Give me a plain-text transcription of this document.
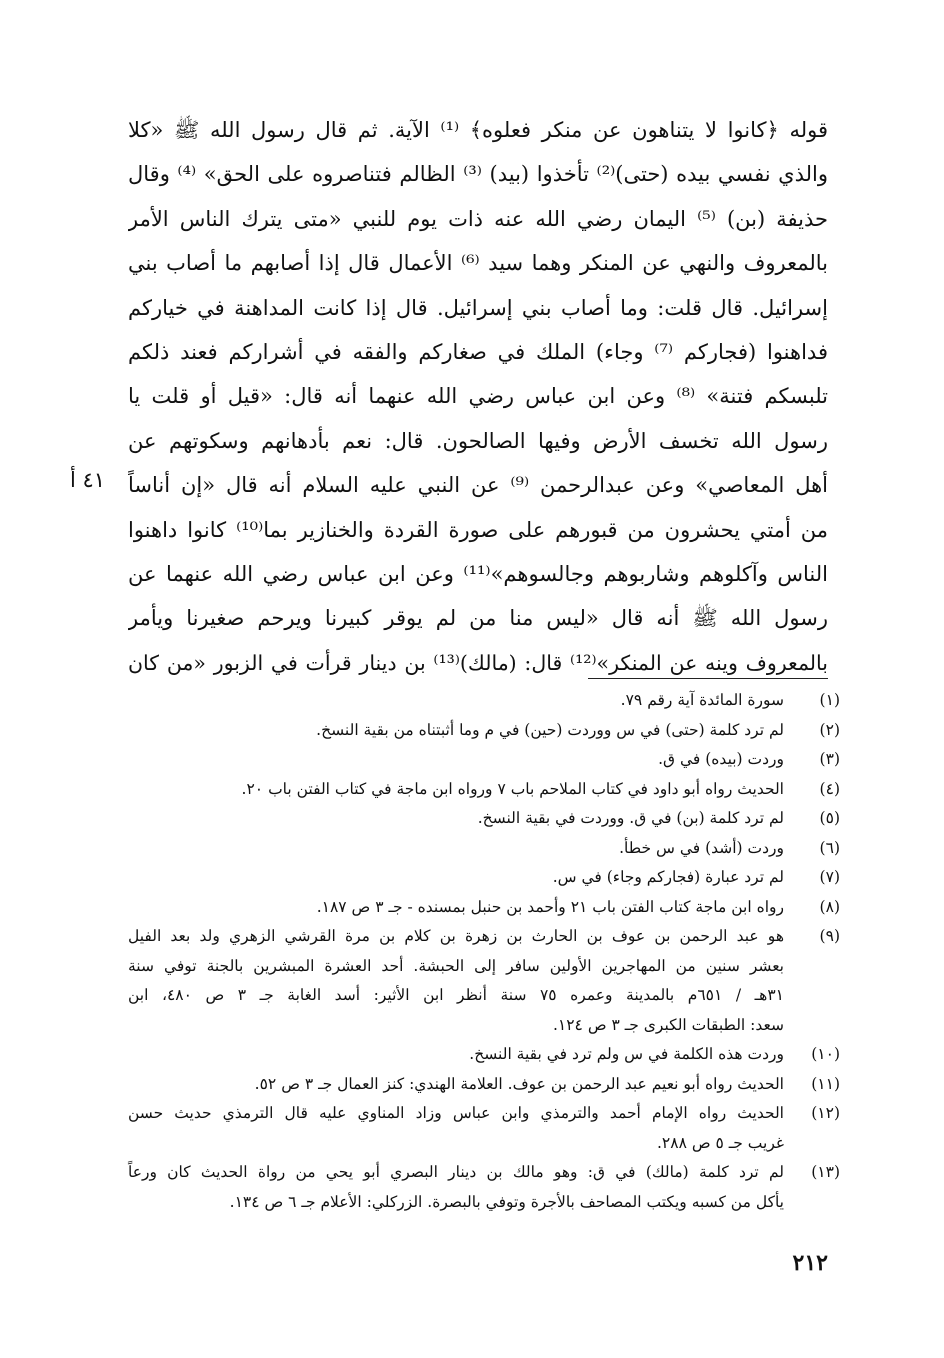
قوله ﴿كانوا لا يتناهون عن منكر فعلوه﴾ ⁽¹⁾ الآية. ثم قال رسول الله ﷺ «كلا
والذي نفسي بيده (حتى)⁽²⁾ تأخذوا (بيد) ⁽³⁾ الظالم فتناصروه على الحق» ⁽⁴⁾ وقال
حذيفة (بن) ⁽⁵⁾ اليمان رضي الله عنه ذات يوم للنبي «متى يترك الناس الأمر
بالمعروف والنهي عن المنكر وهما سيد ⁽⁶⁾ الأعمال قال إذا أصابهم ما أصاب بني
إسرائيل. قال قلت: وما أصاب بني إسرائيل. قال إذا كانت المداهنة في خياركم
فداهنوا (فجاركم ⁽⁷⁾ وجاء) الملك في صغاركم والفقه في أشراركم فعند ذلكم
تلبسكم فتنة» ⁽⁸⁾ وعن ابن عباس رضي الله عنهما أنه قال: «قيل أو قلت يا
رسول الله تخسف الأرض وفيها الصالحون. قال: نعم بأدهانهم وسكوتهم عن
أهل المعاصي» وعن عبدالرحمن ⁽⁹⁾ عن النبي عليه السلام أنه قال «إن أناساً
من أمتي يحشرون من قبورهم على صورة القردة والخنازير بما⁽¹⁰⁾ كانوا داهنوا
الناس وآكلوهم وشاربوهم وجالسوهم»⁽¹¹⁾ وعن ابن عباس رضي الله عنهما عن
رسول الله ﷺ أنه قال «ليس منا من لم يوقر كبيرنا ويرحم صغيرنا ويأمر
بالمعروف وينه عن المنكر»⁽¹²⁾ قال: (مالك)⁽¹³⁾ بن دينار قرأت في الزبور «من كان
٤١ أ
(١)
سورة المائدة آية رقم ٧٩.
(٢)
لم ترد كلمة (حتى) في س ووردت (حين) في م وما أثبتناه من بقية النسخ.
(٣)
وردت (بيده) في ق.
(٤)
الحديث رواه أبو داود في كتاب الملاحم باب ٧ ورواه ابن ماجة في كتاب الفتن باب ٢٠.
(٥)
لم ترد كلمة (بن) في ق. ووردت في بقية النسخ.
(٦)
وردت (أشد) في س خطأ.
(٧)
لم ترد عبارة (فجاركم وجاء) في س.
(٨)
رواه ابن ماجة كتاب الفتن باب ٢١ وأحمد بن حنبل بمسنده - جـ ٣ ص ١٨٧.
(٩)
هو عبد الرحمن بن عوف بن الحارث بن زهرة بن كلام بن مرة القرشي الزهري ولد بعد الفيل
بعشر سنين من المهاجرين الأولين سافر إلى الحبشة. أحد العشرة المبشرين بالجنة توفي سنة
٣١هـ / ٦٥١م بالمدينة وعمره ٧٥ سنة أنظر ابن الأثير: أسد الغابة جـ ٣ ص ٤٨٠، ابن
سعد: الطبقات الكبرى جـ ٣ ص ١٢٤.
(١٠)
وردت هذه الكلمة في س ولم ترد في بقية النسخ.
(١١)
الحديث رواه أبو نعيم عبد الرحمن بن عوف. العلامة الهندي: كنز العمال جـ ٣ ص ٥٢.
(١٢)
الحديث رواه الإمام أحمد والترمذي وابن عباس وزاد المناوي عليه قال الترمذي حديث حسن
غريب جـ ٥ ص ٢٨٨.
(١٣)
لم ترد كلمة (مالك) في ق: وهو مالك بن دينار البصري أبو يحي من رواة الحديث كان ورعاً
يأكل من كسبه ويكتب المصاحف بالأجرة وتوفي بالبصرة. الزركلي: الأعلام جـ ٦ ص ١٣٤.
٢١٢
